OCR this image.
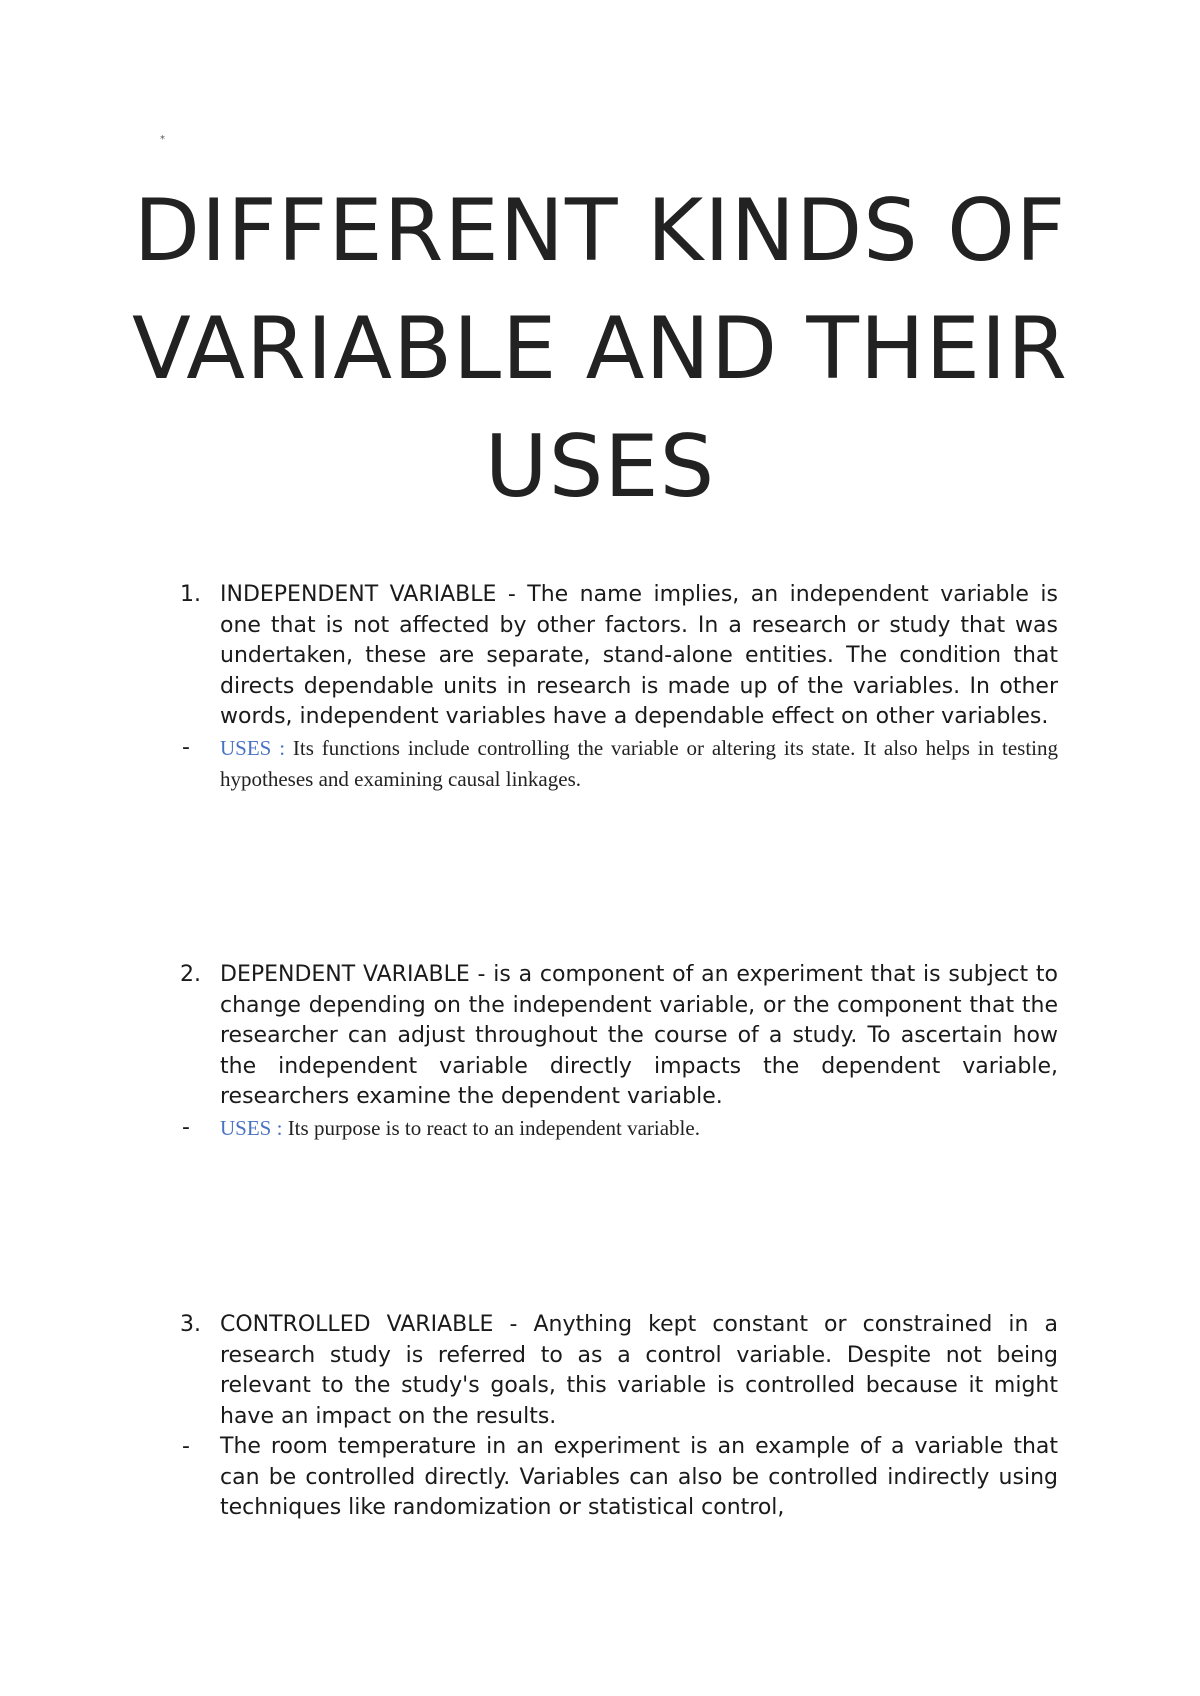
*
DIFFERENT KINDS OF VARIABLE AND THEIR USES
1. INDEPENDENT VARIABLE - The name implies, an independent variable is one that is not affected by other factors. In a research or study that was undertaken, these are separate, stand-alone entities. The condition that directs dependable units in research is made up of the variables. In other words, independent variables have a dependable effect on other variables.
-	USES : Its functions include controlling the variable or altering its state. It also helps in testing hypotheses and examining causal linkages.
2. DEPENDENT VARIABLE - is a component of an experiment that is subject to change depending on the independent variable, or the component that the researcher can adjust throughout the course of a study. To ascertain how the independent variable directly impacts the dependent variable, researchers examine the dependent variable.
-	USES : Its purpose is to react to an independent variable.
3. CONTROLLED VARIABLE - Anything kept constant or constrained in a research study is referred to as a control variable. Despite not being relevant to the study's goals, this variable is controlled because it might have an impact on the results.
-	The room temperature in an experiment is an example of a variable that can be controlled directly. Variables can also be controlled indirectly using techniques like randomization or statistical control,
